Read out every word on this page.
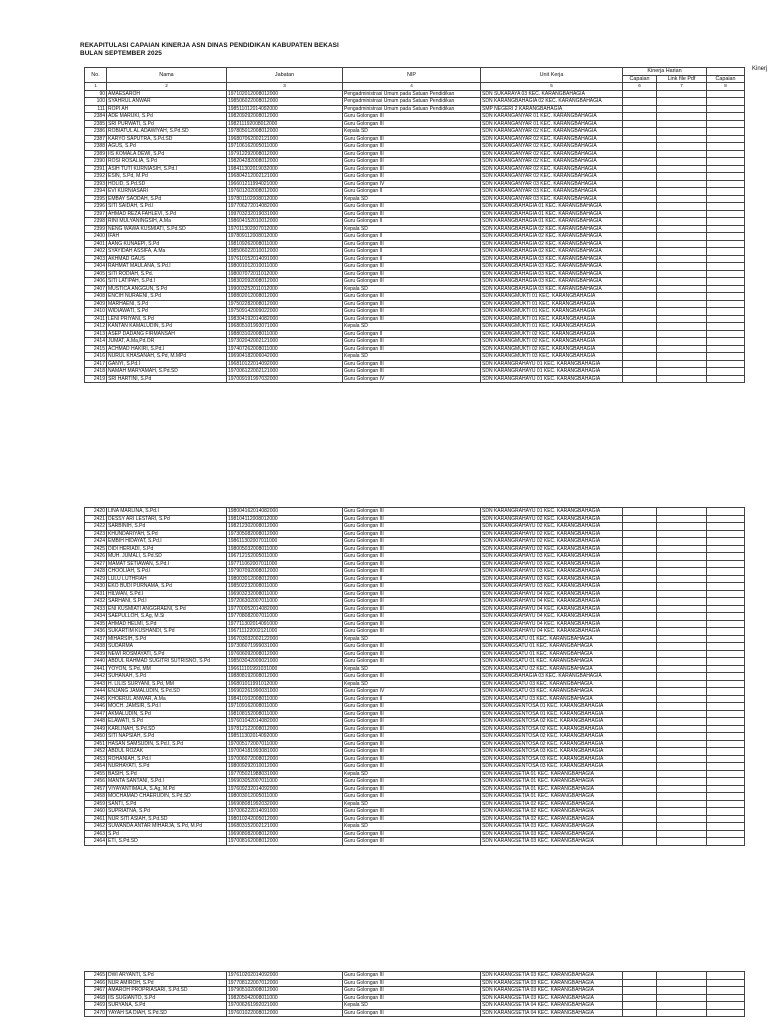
REKAPITULASI CAPAIAN KINERJA ASN DINAS PENDIDIKAN KABUPATEN BEKASI
BULAN SEPTEMBER 2025
Kinerj
No.	Nama	Jabatan	NIP	Unit Kerja	Kinerja Harian		
					Capaian	Link file Pdf	Capaian
1	2	3	4	5	6	7	8
90	AMAESAROH	197102012008012000	Pengadministrasi Umum pada Satuan Pendidikan	SDN SUKARAYA 03 KEC. KARANGBAHAGIA			
100	SYAHRUL ANWAR	198506022008012000	Pengadministrasi Umum pada Satuan Pendidikan	SDN KARANGBAHAGIA 02 KEC. KARANGBAHAGIA			
111	ROPI AH	198511012014092000	Pengadministrasi Umum pada Satuan Pendidikan	SMP NEGERI 2 KARANGBAHAGIA			
2384	ADE MARUKI, S.Pd	198209292008012000	Guru Golongan III	SDN KARANGANYAR 01 KEC. KARANGBAHAGIA			
2385	SRI PURWATI, S.Pd	198211192008012000	Guru Golongan III	SDN KARANGANYAR 01 KEC. KARANGBAHAGIA			
2386	ROBIATUL AL ADAWIYAH, S.Pd.SD	197805012008012000	Kepala SD	SDN KARANGANYAR 02 KEC. KARANGBAHAGIA			
2387	KARYO SAPUTRA, S.Pd.SD	196807062002121000	Guru Golongan III	SDN KARANGANYAR 02 KEC. KARANGBAHAGIA			
2388	AGUS, S.Pd	197106162005011000	Guru Golongan III	SDN KARANGANYAR 02 KEC. KARANGBAHAGIA			
2389	IIS KOMALA DEWI, S.Pd	197912292008012000	Guru Golongan III	SDN KARANGANYAR 02 KEC. KARANGBAHAGIA			
2390	ROSI ROSALIA, S.Pd	198204282008012000	Guru Golongan III	SDN KARANGANYAR 02 KEC. KARANGBAHAGIA			
2391	ASIH TUTI KURNIASIH, S.Pd.I	198411302019032000	Guru Golongan III	SDN KARANGANYAR 02 KEC. KARANGBAHAGIA			
2392	ESIN, S.Pd, M.Pd	196804212002121000	Guru Golongan III	SDN KARANGANYAR 02 KEC. KARANGBAHAGIA			
2393	HOLID, S.Pd.SD	196601211994021000	Guru Golongan IV	SDN KARANGANYAR 03 KEC. KARANGBAHAGIA			
2394	EVI KURNIASARI	197601202008012000	Guru Golongan II	SDN KARANGANYAR 03 KEC. KARANGBAHAGIA			
2395	EMBAY SAODAH, S.Pd	197801102008012000	Kepala SD	SDN KARANGANYAR 03 KEC. KARANGBAHAGIA			
2396	SITI SAIDAH, S.Pd.I	197706272014082000	Guru Golongan III	SDN KARANGBAHAGIA 01 KEC. KARANGBAHAGIA			
2397	AHMAD REZA FAHLEVI, S.Pd	199703232019031000	Guru Golongan III	SDN KARANGBAHAGIA 01 KEC. KARANGBAHAGIA			
2398	RINI MULYANINGSIH, A.Ma	198604152010012000	Guru Golongan II	SDN KARANGBAHAGIA 01 KEC. KARANGBAHAGIA			
2399	NENG WAWA KUSMIATI, S.Pd.SD	197011302007012000	Kepala SD	SDN KARANGBAHAGIA 02 KEC. KARANGBAHAGIA			
2400	IFAH	197809112008012000	Guru Golongan II	SDN KARANGBAHAGIA 02 KEC. KARANGBAHAGIA			
2401	AANG KUNAEPI, S.Pd	198109262008011000	Guru Golongan III	SDN KARANGBAHAGIA 02 KEC. KARANGBAHAGIA			
2402	SYAYIDAH ASSIFA, A.Ma	198506022010012000	Guru Golongan II	SDN KARANGBAHAGIA 02 KEC. KARANGBAHAGIA			
2403	AKHMAD GAUS	197610152014091000	Guru Golongan II	SDN KARANGBAHAGIA 03 KEC. KARANGBAHAGIA			
2404	RAHMAT MAULANA, S.Pd.I	198001012010011000	Guru Golongan III	SDN KARANGBAHAGIA 03 KEC. KARANGBAHAGIA			
2405	SITI RODIAH, S.Pd.	198007072011012000	Guru Golongan III	SDN KARANGBAHAGIA 03 KEC. KARANGBAHAGIA			
2406	SITI LATIPAH, S.Pd.I	198302092008012000	Guru Golongan III	SDN KARANGBAHAGIA 03 KEC. KARANGBAHAGIA			
2407	MUSTICA ANGGUN, S.Pd	199003252011012000	Kepala SD	SDN KARANGBAHAGIA 03 KEC. KARANGBAHAGIA			
2408	ENCIH NURAENI, S.Pd	198802012008012000	Guru Golongan III	SDN KARANGMUKTI 01 KEC. KARANGBAHAGIA			
2409	MARHAENI, S.Pd	197502282008012000	Guru Golongan III	SDN KARANGMUKTI 01 KEC. KARANGBAHAGIA			
2410	WIDIAWATI, S.Pd	197509142009022000	Guru Golongan III	SDN KARANGMUKTI 01 KEC. KARANGBAHAGIA			
2411	LENI PRIYANI, S.Pd	198304192014082000	Guru Golongan III	SDN KARANGMUKTI 01 KEC. KARANGBAHAGIA			
2412	KANTAN KAMALUDIN, S.Pd	196805101993071000	Kepala SD	SDN KARANGMUKTI 01 KEC. KARANGBAHAGIA			
2413	ASEP DADANG FIRMANSAH	198803102008011000	Guru Golongan II	SDN KARANGMUKTI 02 KEC. KARANGBAHAGIA			
2414	JUMAT, A.Ma,Pd.OR	197302042002121000	Guru Golongan III	SDN KARANGMUKTI 02 KEC. KARANGBAHAGIA			
2415	ACHMAD HAKIRI, S.Pd.I	197407262008011000	Guru Golongan III	SDN KARANGMUKTI 02 KEC. KARANGBAHAGIA			
2416	NURUL KHASANAH, S.Pd, M.MPd	196904182006042000	Kepala SD	SDN KARANGMUKTI 03 KEC. KARANGBAHAGIA			
2417	GANYI, S.Pd.I	196810122014092000	Guru Golongan III	SDN KARANGRAHAYU 01 KEC. KARANGBAHAGIA			
2418	NAMAH MARYAMAH, S.Pd.SD	197006122002121000	Guru Golongan III	SDN KARANGRAHAYU 01 KEC. KARANGBAHAGIA			
2419	SRI HARTINI, S.Pd	197009191997032000	Guru Golongan IV	SDN KARANGRAHAYU 01 KEC. KARANGBAHAGIA			
2420	LINA MARLINA, S.Pd.I	198004162014082000	Guru Golongan III	SDN KARANGRAHAYU 01 KEC. KARANGBAHAGIA			
2421	DESSY ARI LESTARI, S.Pd	198104112008012000	Guru Golongan III	SDN KARANGRAHAYU 02 KEC. KARANGBAHAGIA			
2422	SARBINIH, S.Pd	198212302008012000	Guru Golongan III	SDN KARANGRAHAYU 02 KEC. KARANGBAHAGIA			
2423	KHUNDARIYAH, S.Pd	197305082008012000	Guru Golongan III	SDN KARANGRAHAYU 02 KEC. KARANGBAHAGIA			
2424	EMBIH HIDAYAT, S.Pd.I	198611302007011000	Guru Golongan III	SDN KARANGRAHAYU 02 KEC. KARANGBAHAGIA			
2425	DIDI HERIADI, S.Pd	198005032008011000	Guru Golongan III	SDN KARANGRAHAYU 02 KEC. KARANGBAHAGIA			
2426	MUH. JUMALI, S.Pd.SD	196712152005011000	Guru Golongan III	SDN KARANGRAHAYU 03 KEC. KARANGBAHAGIA			
2427	MAMAT SETIAWAN, S.Pd.I	197711062007011000	Guru Golongan III	SDN KARANGRAHAYU 03 KEC. KARANGBAHAGIA			
2428	CHOOLIAH, S.Pd.I	197907092008012000	Guru Golongan III	SDN KARANGRAHAYU 03 KEC. KARANGBAHAGIA			
2429	LULU LUTHFIAH	198003012008012000	Guru Golongan II	SDN KARANGRAHAYU 03 KEC. KARANGBAHAGIA			
2430	EKO BUDI PURNAMA, S.Pd	198502232008011000	Guru Golongan III	SDN KARANGRAHAYU 03 KEC. KARANGBAHAGIA			
2431	HILWAN, S.Pd.I	196903232008011000	Guru Golongan III	SDN KARANGRAHAYU 04 KEC. KARANGBAHAGIA			
2432	SARHANI, S.Pd.I	197206302007011000	Guru Golongan III	SDN KARANGRAHAYU 04 KEC. KARANGBAHAGIA			
2433	ENI KUSMIATI ANGGRAENI, S.Pd	197700052014082000	Guru Golongan III	SDN KARANGRAHAYU 04 KEC. KARANGBAHAGIA			
2434	SAEPULLOH, S.Ag, M.Si	197708082007011000	Guru Golongan III	SDN KARANGRAHAYU 04 KEC. KARANGBAHAGIA			
2435	AHMAD HELMI, S.Pd	197711302014091000	Guru Golongan III	SDN KARANGRAHAYU 04 KEC. KARANGBAHAGIA			
2436	SUKARTIM KUSHANDI, S.Pd	196711122002121000	Guru Golongan III	SDN KARANGRAHAYU 04 KEC. KARANGBAHAGIA			
2437	MIHARSIH, S.Pd	196703032002122000	Kepala SD	SDN KARANGSATU 01 KEC. KARANGBAHAGIA			
2438	SUDARMA	197306071999031000	Guru Golongan III	SDN KARANGSATU 01 KEC. KARANGBAHAGIA			
2439	NEWI ROSMAYATI, S.Pd	197606092008012000	Guru Golongan III	SDN KARANGSATU 01 KEC. KARANGBAHAGIA			
2440	ABDUL RAHMAD SUGITRI SUTRISNO, S.Pd	198503042009021000	Guru Golongan III	SDN KARANGSATU 01 KEC. KARANGBAHAGIA			
2441	YOYON, S.Pd, MM	196611101991031000	Kepala SD	SDN KARANGSATU 02 KEC. KARANGBAHAGIA			
2442	SUHANAH, S.Pd	198808192008012000	Guru Golongan III	SDN KARANGBAHAGIA 03 KEC. KARANGBAHAGIA			
2443	H. LILIS SURYANI, S.Pd, MM	196801011991012000	Kepala SD	SDN KARANGSATU 03 KEC. KARANGBAHAGIA			
2444	ENJANG JAMALUDIN, S.Pd.SD	196902261990031000	Guru Golongan IV	SDN KARANGSATU 03 KEC. KARANGBAHAGIA			
2445	KHOERUL ANWAR, A.Ma	198410102008011000	Guru Golongan II	SDN KARANGSATU 03 KEC. KARANGBAHAGIA			
2446	MOCH. JAMSIR, S.Pd.I	197109162008011000	Guru Golongan III	SDN KARANGSENTOSA 01 KEC. KARANGBAHAGIA			
2447	AKMALUDIN, S.Pd	198108152008011000	Guru Golongan III	SDN KARANGSENTOSA 01 KEC. KARANGBAHAGIA			
2448	ELAWATI, S.Pd	197601042014082000	Guru Golongan III	SDN KARANGSENTOSA 02 KEC. KARANGBAHAGIA			
2449	KARLINAH, S.Pd.SD	197812122008012000	Guru Golongan III	SDN KARANGSENTOSA 02 KEC. KARANGBAHAGIA			
2450	SITI NAPSIAH, S.Pd	198511302014092000	Guru Golongan III	SDN KARANGSENTOSA 02 KEC. KARANGBAHAGIA			
2451	HASAN SAMSUDIN, S.Pd.I, S.Pd	197005172007011000	Guru Golongan III	SDN KARANGSENTOSA 02 KEC. KARANGBAHAGIA			
2452	ABDUL ROZAK	197004181993081000	Guru Golongan III	SDN KARANGSENTOSA 03 KEC. KARANGBAHAGIA			
2453	ROHANIAH, S.Pd.I	197006072008012000	Guru Golongan III	SDN KARANGSENTOSA 03 KEC. KARANGBAHAGIA			
2454	NURHAYATI, S.Pd	198009292010012000	Guru Golongan III	SDN KARANGSENTOSA 03 KEC. KARANGBAHAGIA			
2455	BASIH, S.Pd	197705021988031000	Kepala SD	SDN KARANGSETIA 01 KEC. KARANGBAHAGIA			
2456	MANTA SANTANI, S.Pd.I	196903052007011000	Guru Golongan III	SDN KARANGSETIA 01 KEC. KARANGBAHAGIA			
2457	VIYAYANTIMALA, S.Ag, M.Pd	197609232014092000	Guru Golongan III	SDN KARANGSETIA 01 KEC. KARANGBAHAGIA			
2458	MOCHAMAD CHAERUDIN, S.Pd.SD	198003012005011000	Guru Golongan III	SDN KARANGSETIA 01 KEC. KARANGBAHAGIA			
2459	SANTI, S.Pd	196908081992032000	Kepala SD	SDN KARANGSETIA 02 KEC. KARANGBAHAGIA			
2460	SUPRIATNA, S.Pd	197006222014091000	Guru Golongan III	SDN KARANGSETIA 02 KEC. KARANGBAHAGIA			
2461	NUR SITI ASIAH, S.Pd.SD	198010242005012000	Guru Golongan III	SDN KARANGSETIA 02 KEC. KARANGBAHAGIA			
2462	SUWANDA ANTAR MIHARJA, S.Pd, M.Pd	196803152002121000	Kepala SD	SDN KARANGSETIA 03 KEC. KARANGBAHAGIA			
2463	S.Pd	196908082008012000	Guru Golongan III	SDN KARANGSETIA 03 KEC. KARANGBAHAGIA			
2464	ETI, S.Pd.SD	197008162008012000	Guru Golongan III	SDN KARANGSETIA 03 KEC. KARANGBAHAGIA			
2465	DWI ARYANTI, S.Pd	197610202014092000	Guru Golongan III	SDN KARANGSETIA 03 KEC. KARANGBAHAGIA			
2466	NUR AMIROH, S.Pd	197708122007012000	Guru Golongan III	SDN KARANGSETIA 03 KEC. KARANGBAHAGIA			
2467	AMAROH PROPRIASARI, S.Pd.SD	197905102008012000	Guru Golongan III	SDN KARANGSETIA 03 KEC. KARANGBAHAGIA			
2468	IIS SUGIANTO, S.Pd	198205042008011000	Guru Golongan III	SDN KARANGSETIA 03 KEC. KARANGBAHAGIA			
2469	SURYANA, S.Pd	197006261992021000	Kepala SD	SDN KARANGSETIA 04 KEC. KARANGBAHAGIA			
2470	YAYAH SA DIAH, S.Pd.SD	197601022008012000	Guru Golongan III	SDN KARANGSETIA 04 KEC. KARANGBAHAGIA			
